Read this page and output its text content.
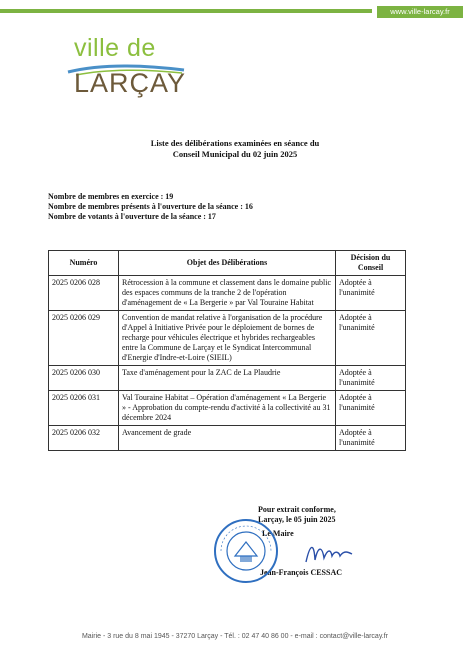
www.ville-larcay.fr
ville de
LARÇAY
Liste des délibérations examinées en séance du
Conseil Municipal du 02 juin 2025
Nombre de membres en exercice : 19
Nombre de membres présents à l'ouverture de la séance : 16
Nombre de votants à l'ouverture de la séance : 17
Numéro	Objet des Délibérations	Décision du Conseil
2025 0206 028	Rétrocession à la commune et classement dans le domaine public des espaces communs de la tranche 2 de l'opération d'aménagement de « La Bergerie » par Val Touraine Habitat	Adoptée à l'unanimité
2025 0206 029	Convention de mandat relative à l'organisation de la procédure d'Appel à Initiative Privée pour le déploiement de bornes de recharge pour véhicules électrique et hybrides rechargeables entre la Commune de Larçay et le Syndicat Intercommunal d'Energie d'Indre-et-Loire (SIEIL)	Adoptée à l'unanimité
2025 0206 030	Taxe d'aménagement pour la ZAC de La Plaudrie	Adoptée à l'unanimité
2025 0206 031	Val Touraine Habitat – Opération d'aménagement « La Bergerie » - Approbation du compte-rendu d'activité à la collectivité au 31 décembre 2024	Adoptée à l'unanimité
2025 0206 032	Avancement de grade	Adoptée à l'unanimité
Pour extrait conforme,
Larçay, le 05 juin 2025
Le Maire
Jean-François CESSAC
Mairie - 3 rue du 8 mai 1945 - 37270 Larçay - Tél. : 02 47 40 86 00 - e-mail : contact@ville-larcay.fr
